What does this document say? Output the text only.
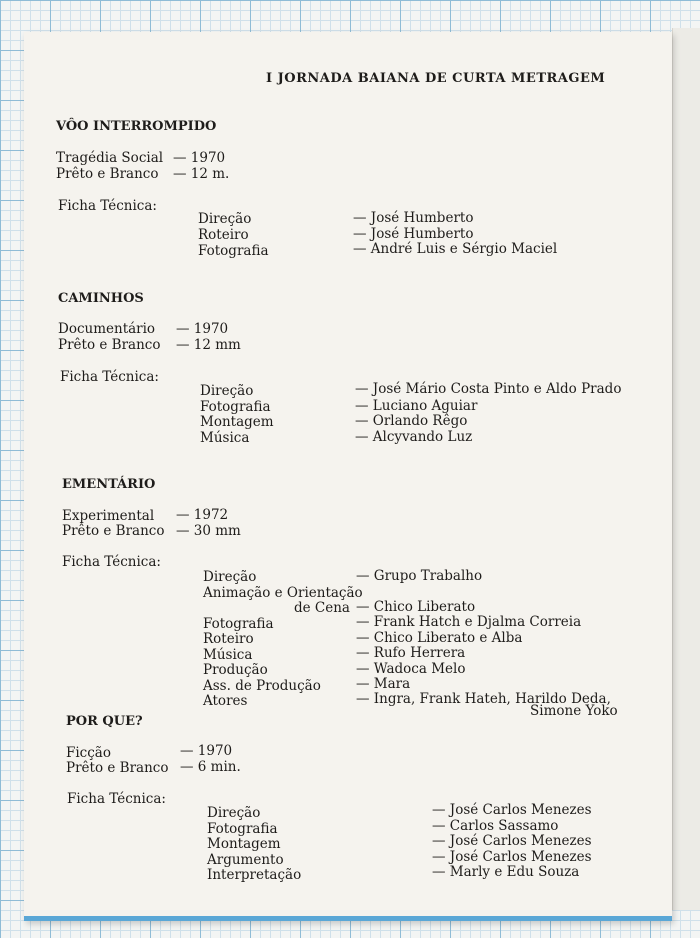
I JORNADA BAIANA DE CURTA METRAGEM
VÔO INTERROMPIDO
Tragédia Social — 1970
Prêto e Branco — 12 m.
Ficha Técnica:
Direção	— José Humberto
Roteiro	— José Humberto
Fotografia	— André Luis e Sérgio Maciel
CAMINHOS
Documentário — 1970
Prêto e Branco — 12 mm
Ficha Técnica:
Direção	— José Mário Costa Pinto e Aldo Prado
Fotografia	— Luciano Aguiar
Montagem	— Orlando Rêgo
Música	— Alcyvando Luz
EMENTÁRIO
Experimental — 1972
Prêto e Branco — 30 mm
Ficha Técnica:
Direção	— Grupo Trabalho
Animação e Orientação
de Cena — Chico Liberato
Fotografia	— Frank Hatch e Djalma Correia
Roteiro	— Chico Liberato e Alba
Música	— Rufo Herrera
Produção	— Wadoca Melo
Ass. de Produção	— Mara
Atores	— Ingra, Frank Hateh, Harildo Deda,
Simone Yoko
POR QUE?
Ficção	— 1970
Prêto e Branco — 6 min.
Ficha Técnica:
Direção	— José Carlos Menezes
Fotografia	— Carlos Sassamo
Montagem	— José Carlos Menezes
Argumento	— José Carlos Menezes
Interpretação	— Marly e Edu Souza
